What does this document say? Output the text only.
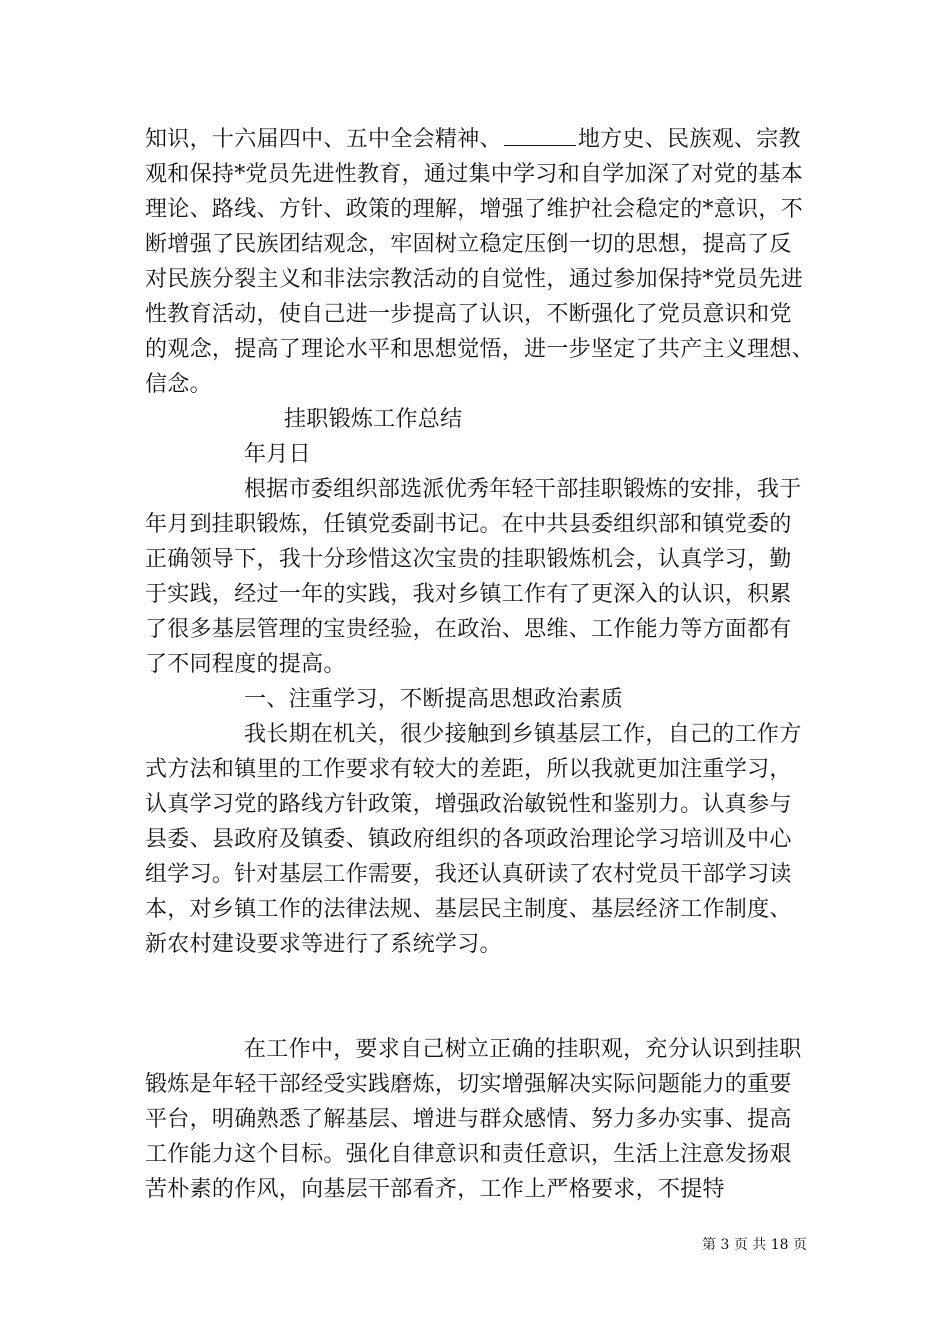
知识，十六届四中、五中全会精神、	地方史、民族观、宗教
观和保持*党员先进性教育，通过集中学习和自学加深了对党的基本
理论、路线、方针、政策的理解，增强了维护社会稳定的*意识，不
断增强了民族团结观念，牢固树立稳定压倒一切的思想，提高了反
对民族分裂主义和非法宗教活动的自觉性，通过参加保持*党员先进
性教育活动，使自己进一步提高了认识，不断强化了党员意识和党
的观念，提高了理论水平和思想觉悟，进一步坚定了共产主义理想、
信念。
挂职锻炼工作总结
年月日
根据市委组织部选派优秀年轻干部挂职锻炼的安排，我于
年月到挂职锻炼，任镇党委副书记。在中共县委组织部和镇党委的
正确领导下，我十分珍惜这次宝贵的挂职锻炼机会，认真学习，勤
于实践，经过一年的实践，我对乡镇工作有了更深入的认识，积累
了很多基层管理的宝贵经验，在政治、思维、工作能力等方面都有
了不同程度的提高。
一、注重学习，不断提高思想政治素质
我长期在机关，很少接触到乡镇基层工作，自己的工作方
式方法和镇里的工作要求有较大的差距，所以我就更加注重学习，
认真学习党的路线方针政策，增强政治敏锐性和鉴别力。认真参与
县委、县政府及镇委、镇政府组织的各项政治理论学习培训及中心
组学习。针对基层工作需要，我还认真研读了农村党员干部学习读
本，对乡镇工作的法律法规、基层民主制度、基层经济工作制度、
新农村建设要求等进行了系统学习。
在工作中，要求自己树立正确的挂职观，充分认识到挂职
锻炼是年轻干部经受实践磨炼，切实增强解决实际问题能力的重要
平台，明确熟悉了解基层、增进与群众感情、努力多办实事、提高
工作能力这个目标。强化自律意识和责任意识，生活上注意发扬艰
苦朴素的作风，向基层干部看齐，工作上严格要求，不提特
第 3 页 共 18 页
